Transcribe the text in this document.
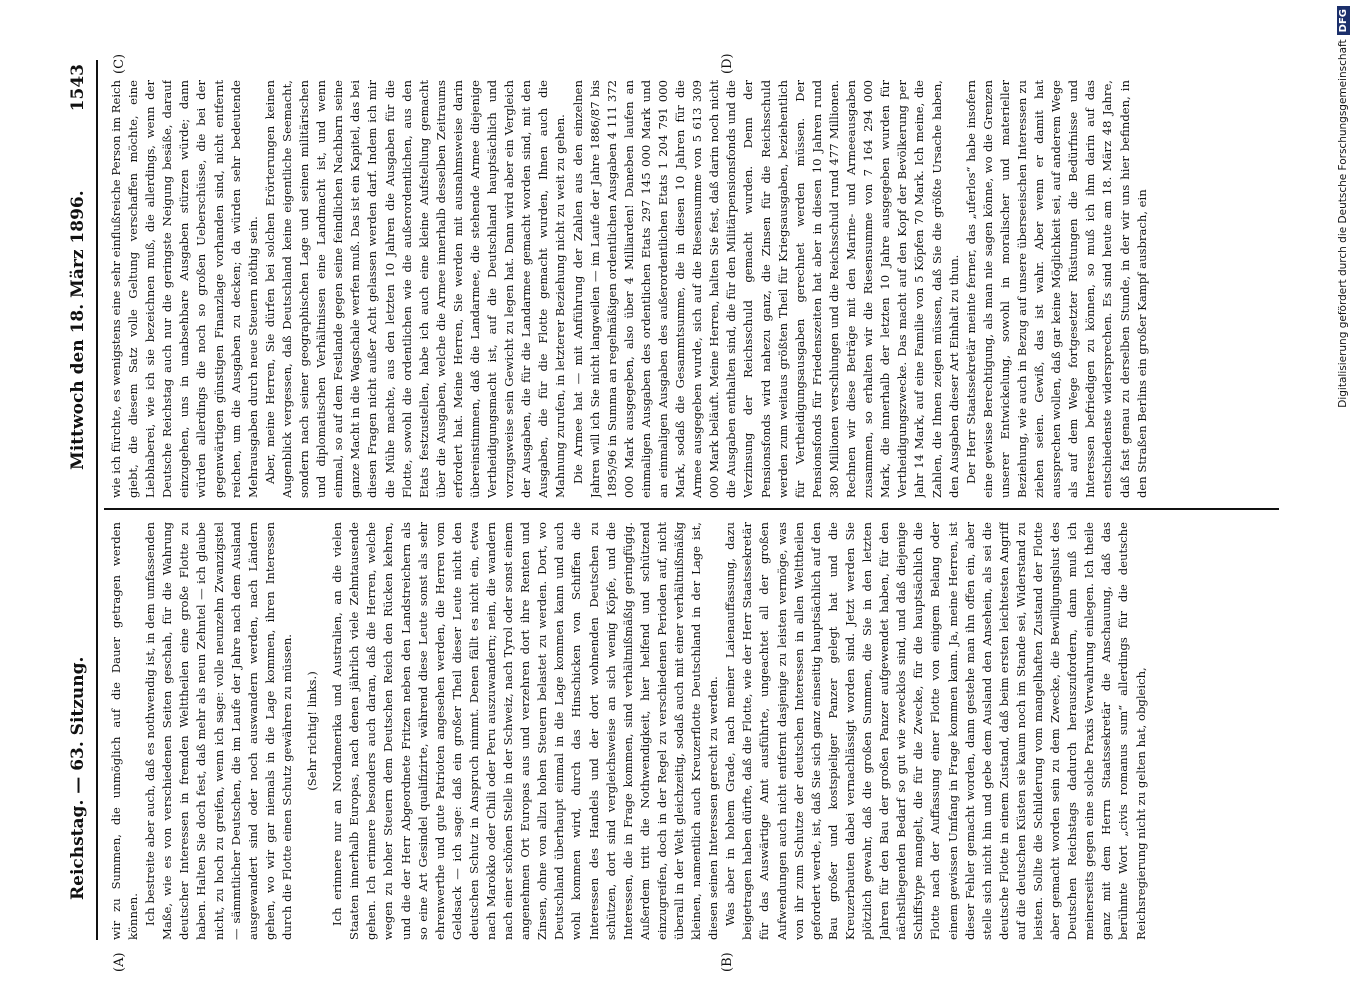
Reichstag. — 63. Sitzung.
Mittwoch den 18. März 1896.
1543
(A)	(B)
(C)	(D)

wir zu Summen, die unmöglich auf die Dauer getragen werden können. Ich bestreite aber auch, daß es nothwendig ist, in dem umfassenden Maße, wie es von verschiedenen Seiten geschah, für die Wahrung deutscher Interessen in fremden Welttheilen eine große Flotte zu haben. Halten Sie doch fest, daß mehr als neun Zehntel — ich glaube nicht, zu hoch zu greifen, wenn ich sage: volle neunzehn Zwanzigstel — sämmtlicher Deutschen, die im Laufe der Jahre nach dem Ausland ausgewandert sind oder noch auswandern werden, nach Ländern gehen, wo wir gar niemals in die Lage kommen, ihren Interessen durch die Flotte einen Schutz gewähren zu müssen. (Sehr richtig! links.) Ich erinnere nur an Nordamerika und Australien, an die vielen Staaten innerhalb Europas, nach denen jährlich viele Zehntausende gehen. Ich erinnere besonders auch daran, daß die Herren, welche wegen zu hoher Steuern dem Deutschen Reich den Rücken kehren, und die der Herr Abgeordnete Fritzen neben den Landstreichern als so eine Art Gesindel qualifizirte, während diese Leute sonst als sehr ehrenwerthe und gute Patrioten angesehen werden, die Herren vom Geldsack — ich sage: daß ein großer Theil dieser Leute nicht den deutschen Schutz in Anspruch nimmt. Denen fällt es nicht ein, etwa nach Marokko oder Chili oder Peru auszuwandern; nein, die wandern nach einer schönen Stelle in der Schweiz, nach Tyrol oder sonst einem angenehmen Ort Europas aus und verzehren dort ihre Renten und Zinsen, ohne von allzu hohen Steuern belastet zu werden. Dort, wo Deutschland überhaupt einmal in die Lage kommen kann und auch wohl kommen wird, durch das Hinschicken von Schiffen die Interessen des Handels und der dort wohnenden Deutschen zu schützen, dort sind vergleichsweise an sich wenig Köpfe, und die Interessen, die in Frage kommen, sind verhältnißmäßig geringfügig. Außerdem tritt die Nothwendigkeit, hier helfend und schützend einzugreifen, doch in der Regel zu verschiedenen Perioden auf, nicht überall in der Welt gleichzeitig, sodaß auch mit einer verhältnißmäßig kleinen, namentlich auch Kreuzerflotte Deutschland in der Lage ist, diesen seinen Interessen gerecht zu werden. Was aber in hohem Grade, nach meiner Laienauffassung, dazu beigetragen haben dürfte, daß die Flotte, wie der Herr Staatssekretär für das Auswärtige Amt ausführte, ungeachtet all der großen Aufwendungen auch nicht entfernt dasjenige zu leisten vermöge, was von ihr zum Schutze der deutschen Interessen in allen Welttheilen gefordert werde, ist, daß Sie sich ganz einseitig hauptsächlich auf den Bau großer und kostspieliger Panzer gelegt hat und die Kreuzerbauten dabei vernachlässigt worden sind. Jetzt werden Sie plötzlich gewahr, daß die großen Summen, die Sie in den letzten Jahren für den Bau der großen Panzer aufgewendet haben, für den nächstliegenden Bedarf so gut wie zwecklos sind, und daß diejenige Schiffstype mangelt, die für die Zwecke, für die hauptsächlich die Flotte nach der Auffassung einer Flotte von einigem Belang oder einem gewissen Umfang in Frage kommen kann. Ja, meine Herren, ist dieser Fehler gemacht worden, dann gestehe man ihn offen ein, aber stelle sich nicht hin und gebe dem Ausland den Ansehein, als sei die deutsche Flotte in einem Zustand, daß beim ersten leichtesten Angriff auf die deutschen Küsten sie kaum noch im Stande sei, Widerstand zu leisten. Sollte die Schilderung vom mangelhaften Zustand der Flotte aber gemacht worden sein zu dem Zwecke, die Bewilligungslust des Deutschen Reichstags dadurch herauszufordern, dann muß ich meinerseits gegen eine solche Praxis Verwahrung einlegen. Ich theile ganz mit dem Herrn Staatssekretär die Anschauung, daß das berühmte Wort „civis romanus sum“ allerdings für die deutsche Reichsregierung nicht zu gelten hat, obgleich,

wie ich fürchte, es wenigstens eine sehr einflußreiche Person im Reich giebt, die diesem Satz volle Geltung verschaffen möchte, eine Liebhaberei, wie ich sie bezeichnen muß, die allerdings, wenn der Deutsche Reichstag auch nur die geringste Neigung besäße, darauf einzugehen, uns in unabsehbare Ausgaben stürzen würde; dann würden allerdings die noch so großen Ueberschüsse, die bei der gegenwärtigen günstigen Finanzlage vorhanden sind, nicht entfernt reichen, um die Ausgaben zu decken; da würden sehr bedeutende Mehrausgaben durch neue Steuern nöthig sein. Aber, meine Herren, Sie dürfen bei solchen Erörterungen keinen Augenblick vergessen, daß Deutschland keine eigentliche Seemacht, sondern nach seiner geographischen Lage und seinen militärischen und diplomatischen Verhältnissen eine Landmacht ist, und wenn einmal, so auf dem Festlande gegen seine feindlichen Nachbarn seine ganze Macht in die Wagschale werfen muß. Das ist ein Kapitel, das bei diesen Fragen nicht außer Acht gelassen werden darf. Indem ich mir die Mühe machte, aus den letzten 10 Jahren die Ausgaben für die Flotte, sowohl die ordentlichen wie die außerordentlichen, aus den Etats festzustellen, habe ich auch eine kleine Aufstellung gemacht über die Ausgaben, welche die Armee innerhalb desselben Zeitraums erfordert hat. Meine Herren, Sie werden mit ausnahmsweise darin übereinstimmen, daß die Landarmee, die stehende Armee diejenige Vertheidigungsmacht ist, auf die Deutschland hauptsächlich und vorzugsweise sein Gewicht zu legen hat. Dann wird aber ein Vergleich der Ausgaben, die für die Landarmee gemacht worden sind, mit den Ausgaben, die für die Flotte gemacht wurden, Ihnen auch die Mahnung zurufen, in letzterer Beziehung nicht zu weit zu gehen. Die Armee hat — mit Anführung der Zahlen aus den einzelnen Jahren will ich Sie nicht langweilen — im Laufe der Jahre 1886/87 bis 1895/96 in Summa an regelmäßigen ordentlichen Ausgaben 4 111 372 000 Mark ausgegeben, also über 4 Milliarden! Daneben laufen an einmaligen Ausgaben des ordentlichen Etats 297 145 000 Mark und an einmaligen Ausgaben des außerordentlichen Etats 1 204 791 000 Mark, sodaß die Gesammtsumme, die in diesen 10 Jahren für die Armee ausgegeben wurde, sich auf die Riesensumme von 5 613 309 000 Mark beläuft. Meine Herren, halten Sie fest, daß darin noch nicht die Ausgaben enthalten sind, die für den Militärpensionsfonds und die Verzinsung der Reichsschuld gemacht wurden. Denn der Pensionsfonds wird nahezu ganz, die Zinsen für die Reichsschuld werden zum weitaus größten Theil für Kriegsausgaben, beziehentlich für Vertheidigungsausgaben gerechnet werden müssen. Der Pensionsfonds für Friedenszeiten hat aber in diesen 10 Jahren rund 380 Millionen verschlungen und die Reichsschuld rund 477 Millionen. Rechnen wir diese Beträge mit den Marine- und Armeeausgaben zusammen, so erhalten wir die Riesensumme von 7 164 294 000 Mark, die innerhalb der letzten 10 Jahre ausgegeben wurden für Vertheidigungszwecke. Das macht auf den Kopf der Bevölkerung per Jahr 14 Mark, auf eine Familie von 5 Köpfen 70 Mark. Ich meine, die Zahlen, die Ihnen zeigen müssen, daß Sie die größte Ursache haben, den Ausgaben dieser Art Einhalt zu thun. Der Herr Staatssekretär meinte ferner, das „uferlos“ habe insofern eine gewisse Berechtigung, als man nie sagen könne, wo die Grenzen unserer Entwickelung, sowohl in moralischer und materieller Beziehung, wie auch in Bezug auf unsere überseeischen Interessen zu ziehen seien. Gewiß, das ist wahr. Aber wenn er damit hat aussprechen wollen, daß gar keine Möglichkeit sei, auf anderem Wege als auf dem Wege fortgesetzter Rüstungen die Bedürfnisse und Interessen befriedigen zu können, so muß ich ihm darin auf das entschiedenste widersprechen. Es sind heute am 18. März 48 Jahre, daß fast genau zu derselben Stunde, in der wir uns hier befinden, in den Straßen Berlins ein großer Kampf ausbrach, ein	Digitalisierung gefördert durch die Deutsche ForschungsgemeinschaftDFG
